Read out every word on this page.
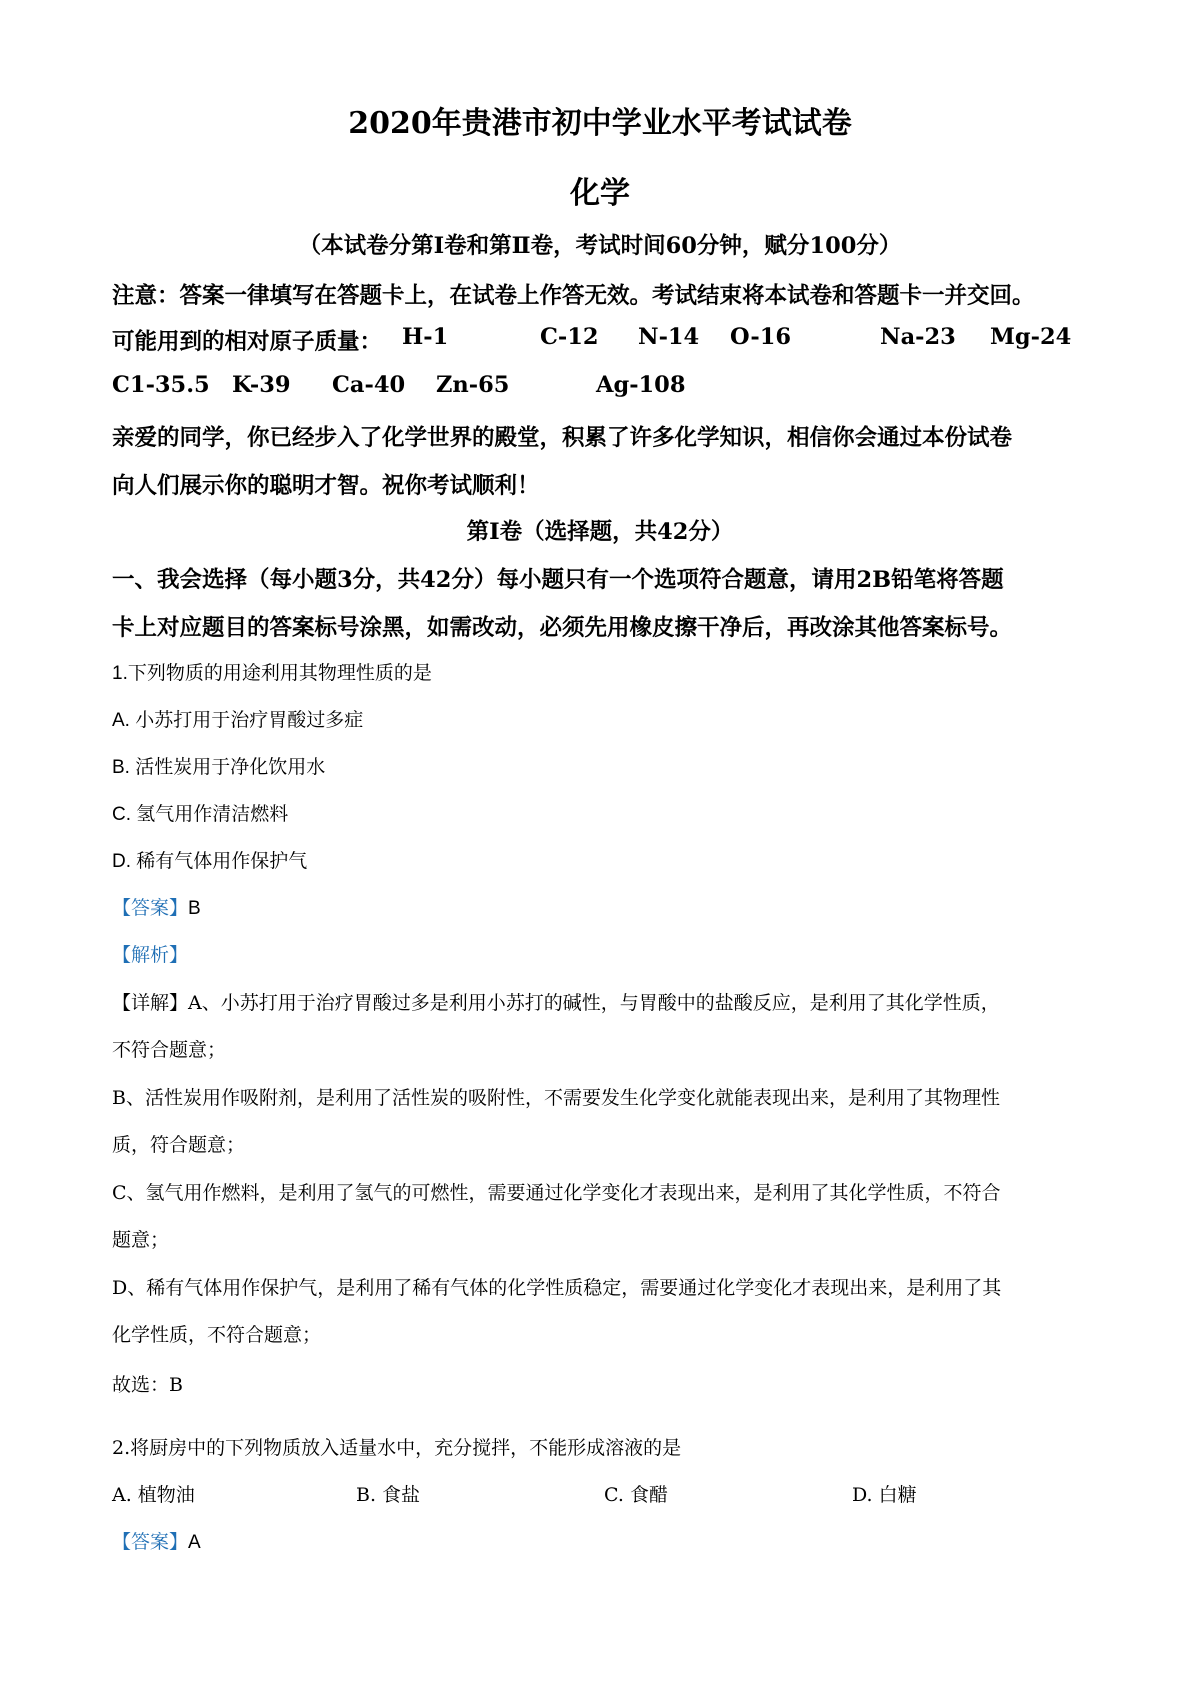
2020年贵港市初中学业水平考试试卷
化学
（本试卷分第Ⅰ卷和第Ⅱ卷，考试时间60分钟，赋分100分）
注意：答案一律填写在答题卡上，在试卷上作答无效。考试结束将本试卷和答题卡一并交回。
可能用到的相对原子质量： H-1	C-12 N-14 O-16	Na-23 Mg-24
C1-35.5 K-39 Ca-40 Zn-65	Ag-108
亲爱的同学，你已经步入了化学世界的殿堂，积累了许多化学知识，相信你会通过本份试卷
向人们展示你的聪明才智。祝你考试顺利！
第I卷（选择题，共42分）
一、我会选择（每小题3分，共42分）每小题只有一个选项符合题意，请用2B铅笔将答题
卡上对应题目的答案标号涂黑，如需改动，必须先用橡皮擦干净后，再改涂其他答案标号。
1.下列物质的用途利用其物理性质的是
A. 小苏打用于治疗胃酸过多症
B. 活性炭用于净化饮用水
C. 氢气用作清洁燃料
D. 稀有气体用作保护气
【答案】B
【解析】
【详解】A、小苏打用于治疗胃酸过多是利用小苏打的碱性，与胃酸中的盐酸反应，是利用了其化学性质，
不符合题意；
B、活性炭用作吸附剂，是利用了活性炭的吸附性，不需要发生化学变化就能表现出来，是利用了其物理性
质，符合题意；
C、氢气用作燃料，是利用了氢气的可燃性，需要通过化学变化才表现出来，是利用了其化学性质，不符合
题意；
D、稀有气体用作保护气，是利用了稀有气体的化学性质稳定，需要通过化学变化才表现出来，是利用了其
化学性质，不符合题意；
故选：B
2.将厨房中的下列物质放入适量水中，充分搅拌，不能形成溶液的是
A. 植物油	B. 食盐	C. 食醋	D. 白糖
【答案】A
